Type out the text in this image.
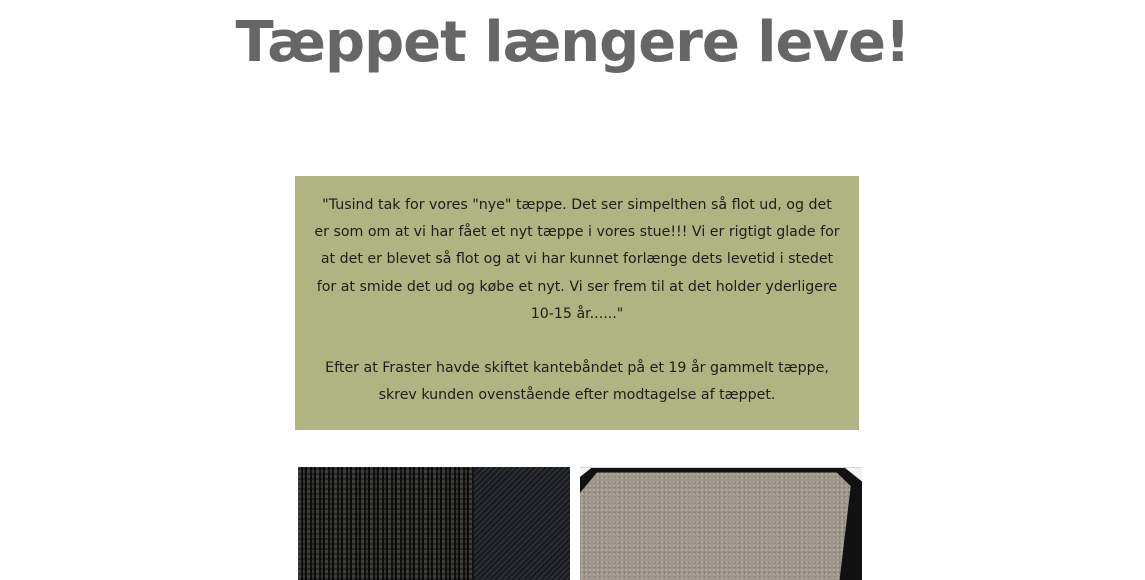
Tæppet længere leve!

"Tusind tak for vores "nye" tæppe. Det ser simpelthen så flot ud, og det er som om at vi har fået et nyt tæppe i vores stue!!! Vi er rigtigt glade for at det er blevet så flot og at vi har kunnet forlænge dets levetid i stedet for at smide det ud og købe et nyt. Vi ser frem til at det holder yderligere 10-15 år......"

Efter at Fraster havde skiftet kantebåndet på et 19 år gammelt tæppe, skrev kunden ovenstående efter modtagelse af tæppet.
